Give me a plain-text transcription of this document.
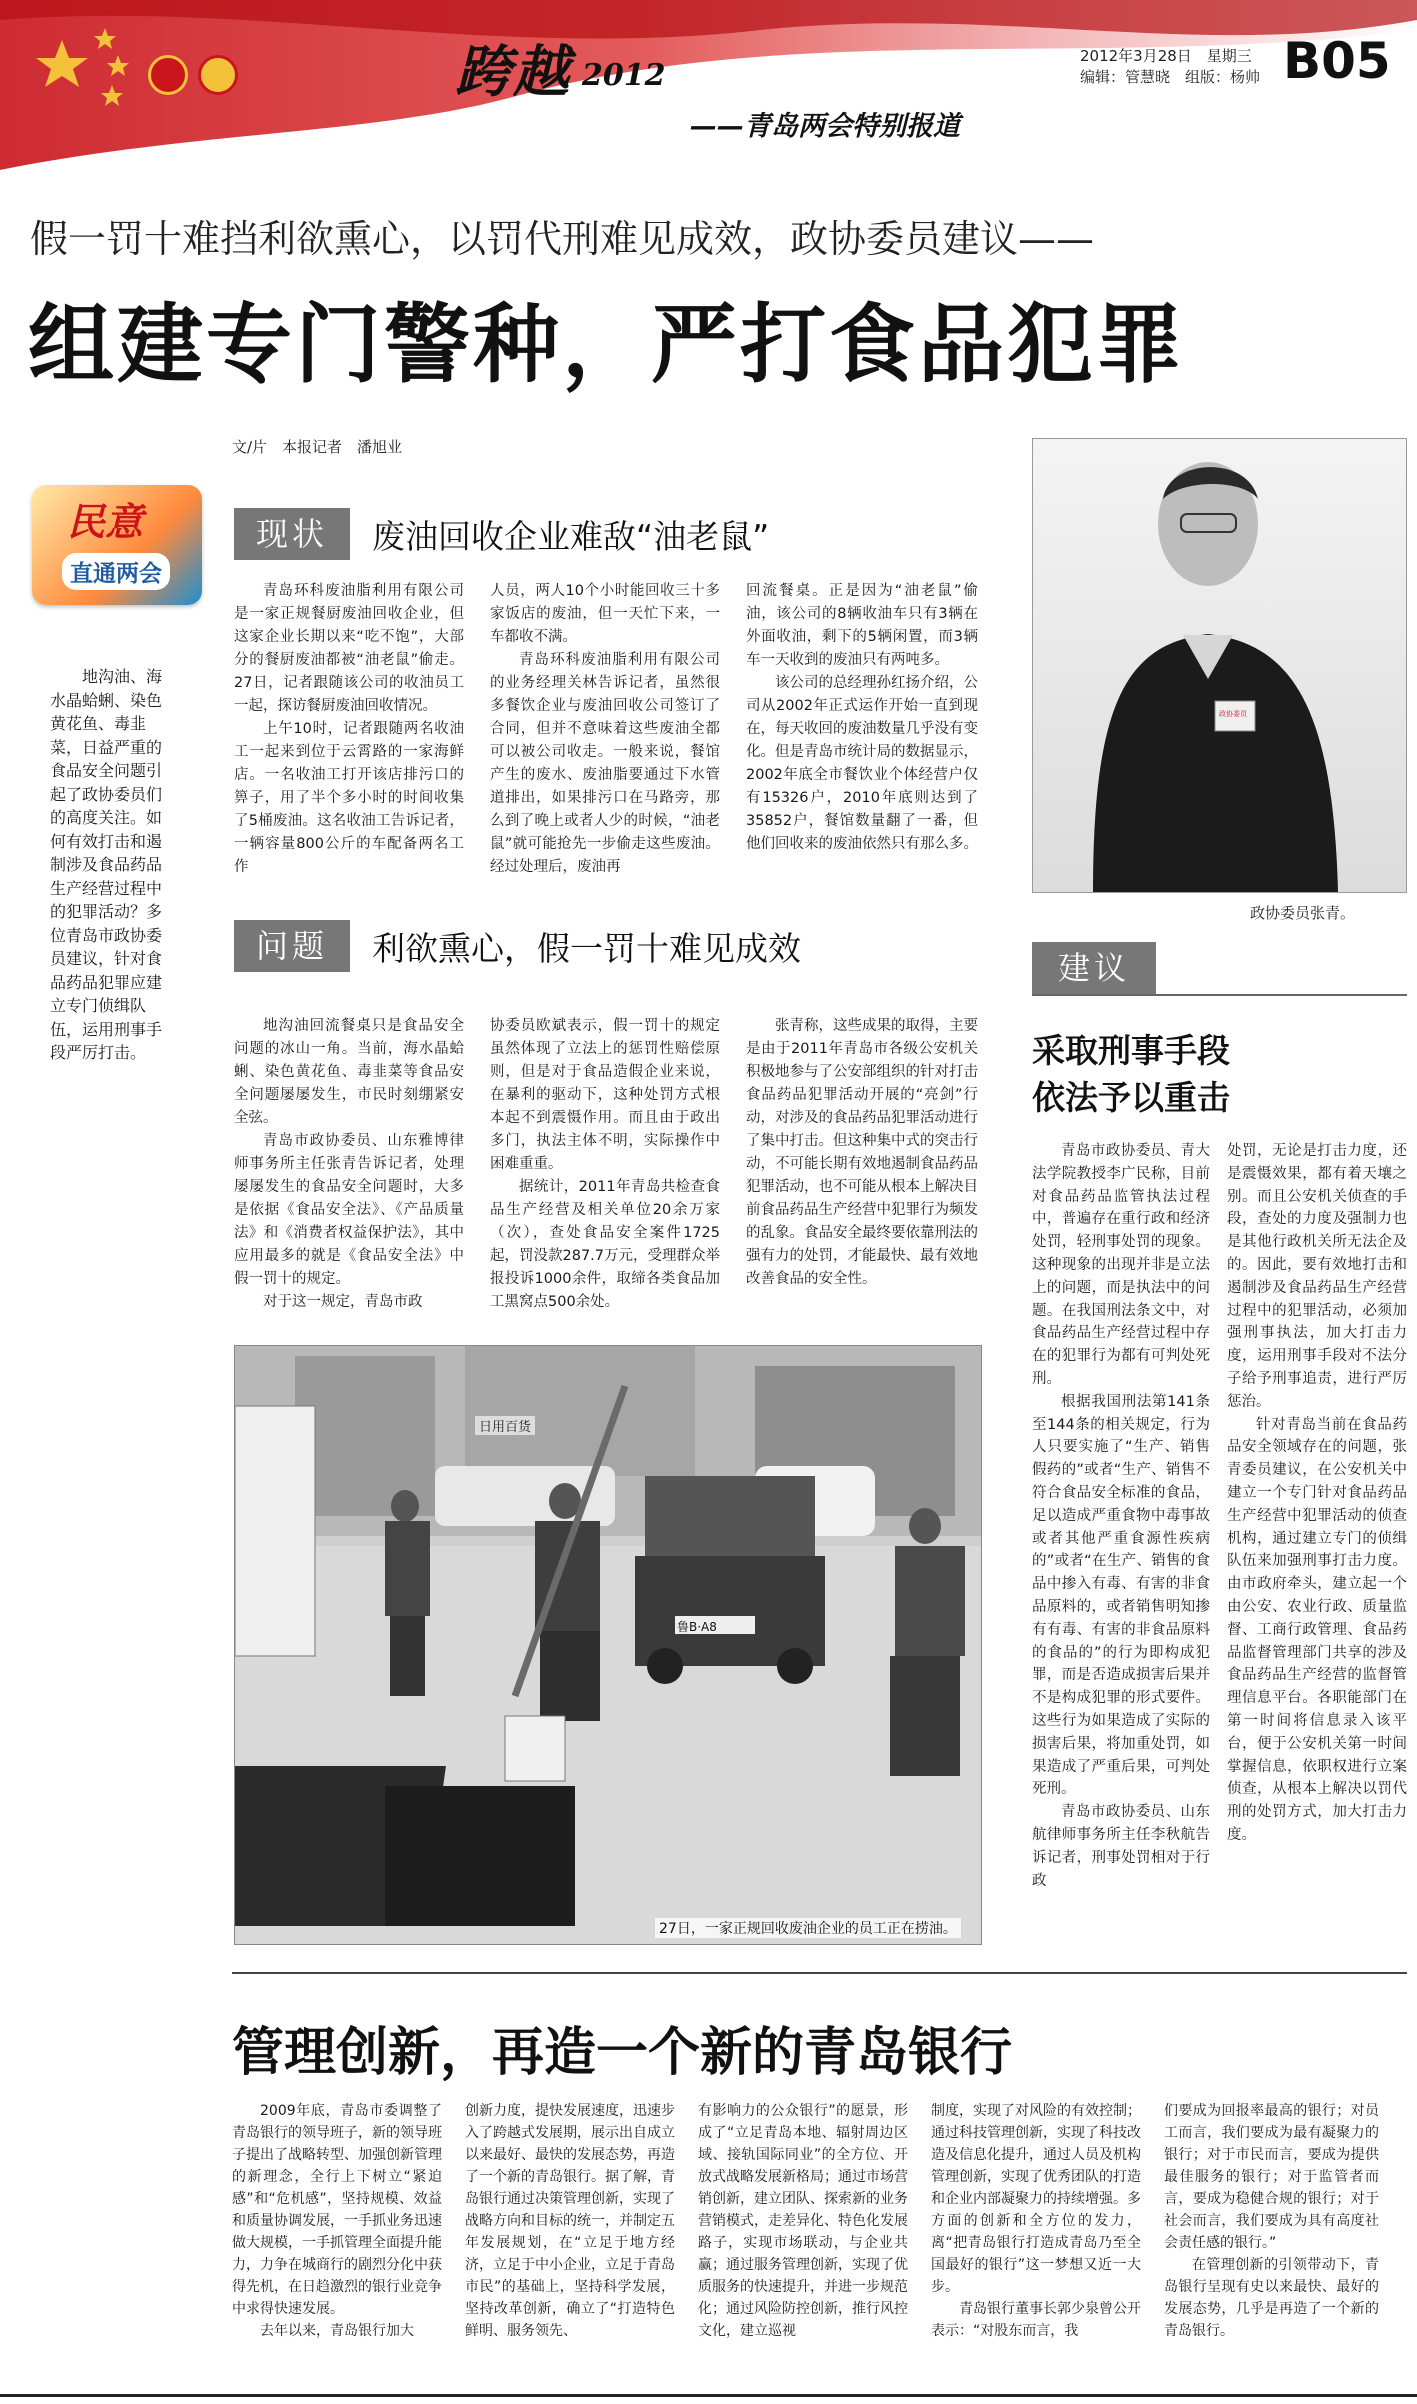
跨越 2012
——青岛两会特别报道
2012年3月28日　星期三
编辑：管慧晓　组版：杨帅 B05
假一罚十难挡利欲熏心，以罚代刑难见成效，政协委员建议——
组建专门警种，严打食品犯罪
文/片　本报记者　潘旭业
民意
直通两会

地沟油、海水晶蛤蜊、染色黄花鱼、毒韭菜，日益严重的食品安全问题引起了政协委员们的高度关注。如何有效打击和遏制涉及食品药品生产经营过程中的犯罪活动？多位青岛市政协委员建议，针对食品药品犯罪应建立专门侦缉队伍，运用刑事手段严厉打击。

现状	废油回收企业难敌“油老鼠”

青岛环科废油脂利用有限公司是一家正规餐厨废油回收企业，但这家企业长期以来“吃不饱”，大部分的餐厨废油都被“油老鼠”偷走。27日，记者跟随该公司的收油员工一起，探访餐厨废油回收情况。

上午10时，记者跟随两名收油工一起来到位于云霄路的一家海鲜店。一名收油工打开该店排污口的箅子，用了半个多小时的时间收集了5桶废油。这名收油工告诉记者，一辆容量800公斤的车配备两名工作

人员，两人10个小时能回收三十多家饭店的废油，但一天忙下来，一车都收不满。

青岛环科废油脂利用有限公司的业务经理关林告诉记者，虽然很多餐饮企业与废油回收公司签订了合同，但并不意味着这些废油全都可以被公司收走。一般来说，餐馆产生的废水、废油脂要通过下水管道排出，如果排污口在马路旁，那么到了晚上或者人少的时候，“油老鼠”就可能抢先一步偷走这些废油。经过处理后，废油再

回流餐桌。正是因为“油老鼠”偷油，该公司的8辆收油车只有3辆在外面收油，剩下的5辆闲置，而3辆车一天收到的废油只有两吨多。

该公司的总经理孙红扬介绍，公司从2002年正式运作开始一直到现在，每天收回的废油数量几乎没有变化。但是青岛市统计局的数据显示，2002年底全市餐饮业个体经营户仅有15326户，2010年底则达到了35852户，餐馆数量翻了一番，但他们回收来的废油依然只有那么多。

政协委员
政协委员张青。
问题	利欲熏心，假一罚十难见成效

地沟油回流餐桌只是食品安全问题的冰山一角。当前，海水晶蛤蜊、染色黄花鱼、毒韭菜等食品安全问题屡屡发生，市民时刻绷紧安全弦。

青岛市政协委员、山东雅博律师事务所主任张青告诉记者，处理屡屡发生的食品安全问题时，大多是依据《食品安全法》、《产品质量法》和《消费者权益保护法》，其中应用最多的就是《食品安全法》中假一罚十的规定。

对于这一规定，青岛市政

协委员欧斌表示，假一罚十的规定虽然体现了立法上的惩罚性赔偿原则，但是对于食品造假企业来说，在暴利的驱动下，这种处罚方式根本起不到震慑作用。而且由于政出多门，执法主体不明，实际操作中困难重重。

据统计，2011年青岛共检查食品生产经营及相关单位20余万家（次），查处食品安全案件1725起，罚没款287.7万元，受理群众举报投诉1000余件，取缔各类食品加工黑窝点500余处。

张青称，这些成果的取得，主要是由于2011年青岛市各级公安机关积极地参与了公安部组织的针对打击食品药品犯罪活动开展的“亮剑”行动，对涉及的食品药品犯罪活动进行了集中打击。但这种集中式的突击行动，不可能长期有效地遏制食品药品犯罪活动，也不可能从根本上解决目前食品药品生产经营中犯罪行为频发的乱象。食品安全最终要依靠刑法的强有力的处罚，才能最快、最有效地改善食品的安全性。

日用百货
鲁B·A8
27日，一家正规回收废油企业的员工正在捞油。
建议
采取刑事手段
依法予以重击

青岛市政协委员、青大法学院教授李广民称，目前对食品药品监管执法过程中，普遍存在重行政和经济处罚，轻刑事处罚的现象。这种现象的出现并非是立法上的问题，而是执法中的问题。在我国刑法条文中，对食品药品生产经营过程中存在的犯罪行为都有可判处死刑。

根据我国刑法第141条至144条的相关规定，行为人只要实施了“生产、销售假药的”或者“生产、销售不符合食品安全标准的食品，足以造成严重食物中毒事故或者其他严重食源性疾病的”或者“在生产、销售的食品中掺入有毒、有害的非食品原料的，或者销售明知掺有有毒、有害的非食品原料的食品的”的行为即构成犯罪，而是否造成损害后果并不是构成犯罪的形式要件。这些行为如果造成了实际的损害后果，将加重处罚，如果造成了严重后果，可判处死刑。

青岛市政协委员、山东航律师事务所主任李秋航告诉记者，刑事处罚相对于行政

处罚，无论是打击力度，还是震慑效果，都有着天壤之别。而且公安机关侦查的手段，查处的力度及强制力也是其他行政机关所无法企及的。因此，要有效地打击和遏制涉及食品药品生产经营过程中的犯罪活动，必须加强刑事执法，加大打击力度，运用刑事手段对不法分子给予刑事追责，进行严厉惩治。

针对青岛当前在食品药品安全领域存在的问题，张青委员建议，在公安机关中建立一个专门针对食品药品生产经营中犯罪活动的侦查机构，通过建立专门的侦缉队伍来加强刑事打击力度。由市政府牵头，建立起一个由公安、农业行政、质量监督、工商行政管理、食品药品监督管理部门共享的涉及食品药品生产经营的监督管理信息平台。各职能部门在第一时间将信息录入该平台，便于公安机关第一时间掌握信息，依职权进行立案侦查，从根本上解决以罚代刑的处罚方式，加大打击力度。

管理创新，再造一个新的青岛银行

2009年底，青岛市委调整了青岛银行的领导班子，新的领导班子提出了战略转型、加强创新管理的新理念，全行上下树立“紧迫感”和“危机感”，坚持规模、效益和质量协调发展，一手抓业务迅速做大规模，一手抓管理全面提升能力，力争在城商行的剧烈分化中获得先机，在日趋激烈的银行业竞争中求得快速发展。

去年以来，青岛银行加大

创新力度，提快发展速度，迅速步入了跨越式发展期，展示出自成立以来最好、最快的发展态势，再造了一个新的青岛银行。据了解，青岛银行通过决策管理创新，实现了战略方向和目标的统一，并制定五年发展规划，在“立足于地方经济，立足于中小企业，立足于青岛市民”的基础上，坚持科学发展，坚持改革创新，确立了“打造特色鲜明、服务领先、

有影响力的公众银行”的愿景，形成了“立足青岛本地、辐射周边区域、接轨国际同业”的全方位、开放式战略发展新格局；通过市场营销创新，建立团队、探索新的业务营销模式，走差异化、特色化发展路子，实现市场联动，与企业共赢；通过服务管理创新，实现了优质服务的快速提升，并进一步规范化；通过风险防控创新，推行风控文化，建立巡视

制度，实现了对风险的有效控制；通过科技管理创新，实现了科技改造及信息化提升，通过人员及机构管理创新，实现了优秀团队的打造和企业内部凝聚力的持续增强。多方面的创新和全方位的发力，离“把青岛银行打造成青岛乃至全国最好的银行”这一梦想又近一大步。

青岛银行董事长郭少泉曾公开表示：“对股东而言，我

们要成为回报率最高的银行；对员工而言，我们要成为最有凝聚力的银行；对于市民而言，要成为提供最佳服务的银行；对于监管者而言，要成为稳健合规的银行；对于社会而言，我们要成为具有高度社会责任感的银行。”

在管理创新的引领带动下，青岛银行呈现有史以来最快、最好的发展态势，几乎是再造了一个新的青岛银行。
